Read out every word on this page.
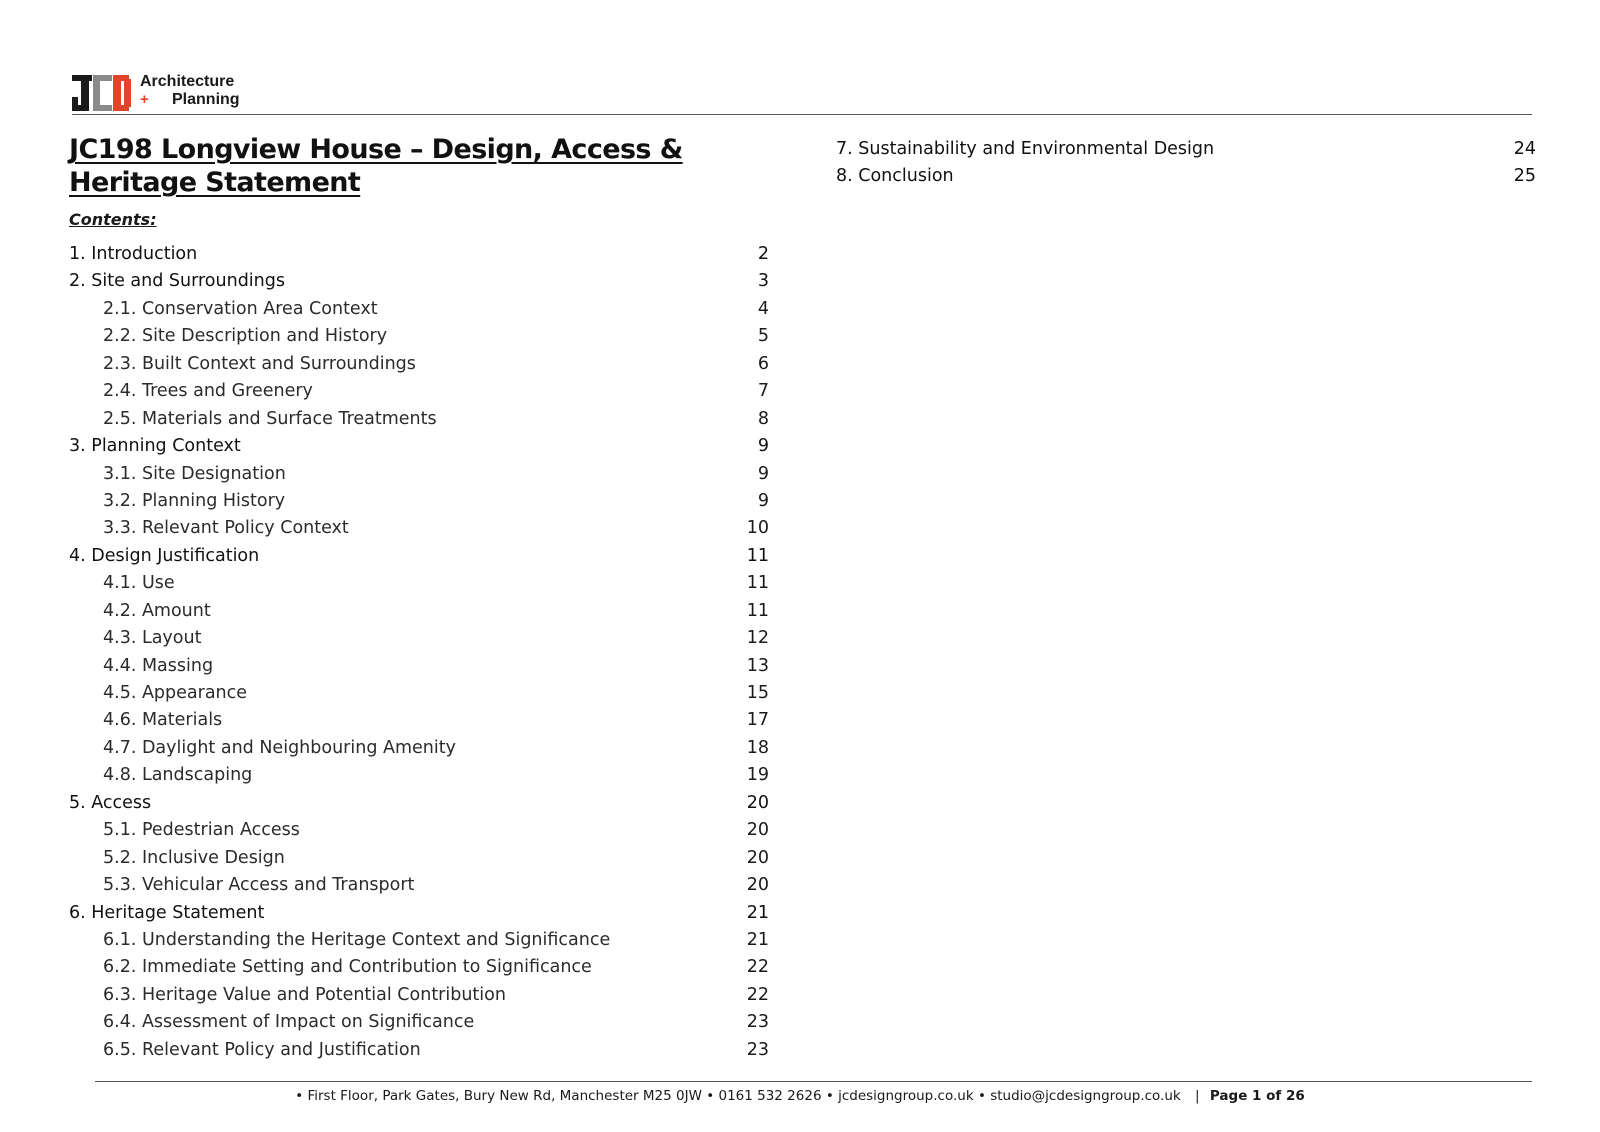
Architecture
Planning
+
JC198 Longview House – Design, Access & Heritage Statement
Contents:
1. Introduction	2
2. Site and Surroundings	3
2.1. Conservation Area Context	4
2.2. Site Description and History	5
2.3. Built Context and Surroundings	6
2.4. Trees and Greenery	7
2.5. Materials and Surface Treatments	8
3. Planning Context	9
3.1. Site Designation	9
3.2. Planning History	9
3.3. Relevant Policy Context	10
4. Design Justification	11
4.1. Use	11
4.2. Amount	11
4.3. Layout	12
4.4. Massing	13
4.5. Appearance	15
4.6. Materials	17
4.7. Daylight and Neighbouring Amenity	18
4.8. Landscaping	19
5. Access	20
5.1. Pedestrian Access	20
5.2. Inclusive Design	20
5.3. Vehicular Access and Transport	20
6. Heritage Statement	21
6.1. Understanding the Heritage Context and Significance	21
6.2. Immediate Setting and Contribution to Significance	22
6.3. Heritage Value and Potential Contribution	22
6.4. Assessment of Impact on Significance	23
6.5. Relevant Policy and Justification	23
7. Sustainability and Environmental Design	24
8. Conclusion	25
• First Floor, Park Gates, Bury New Rd, Manchester M25 0JW • 0161 532 2626 • jcdesigngroup.co.uk • studio@jcdesigngroup.co.uk | Page 1 of 26
